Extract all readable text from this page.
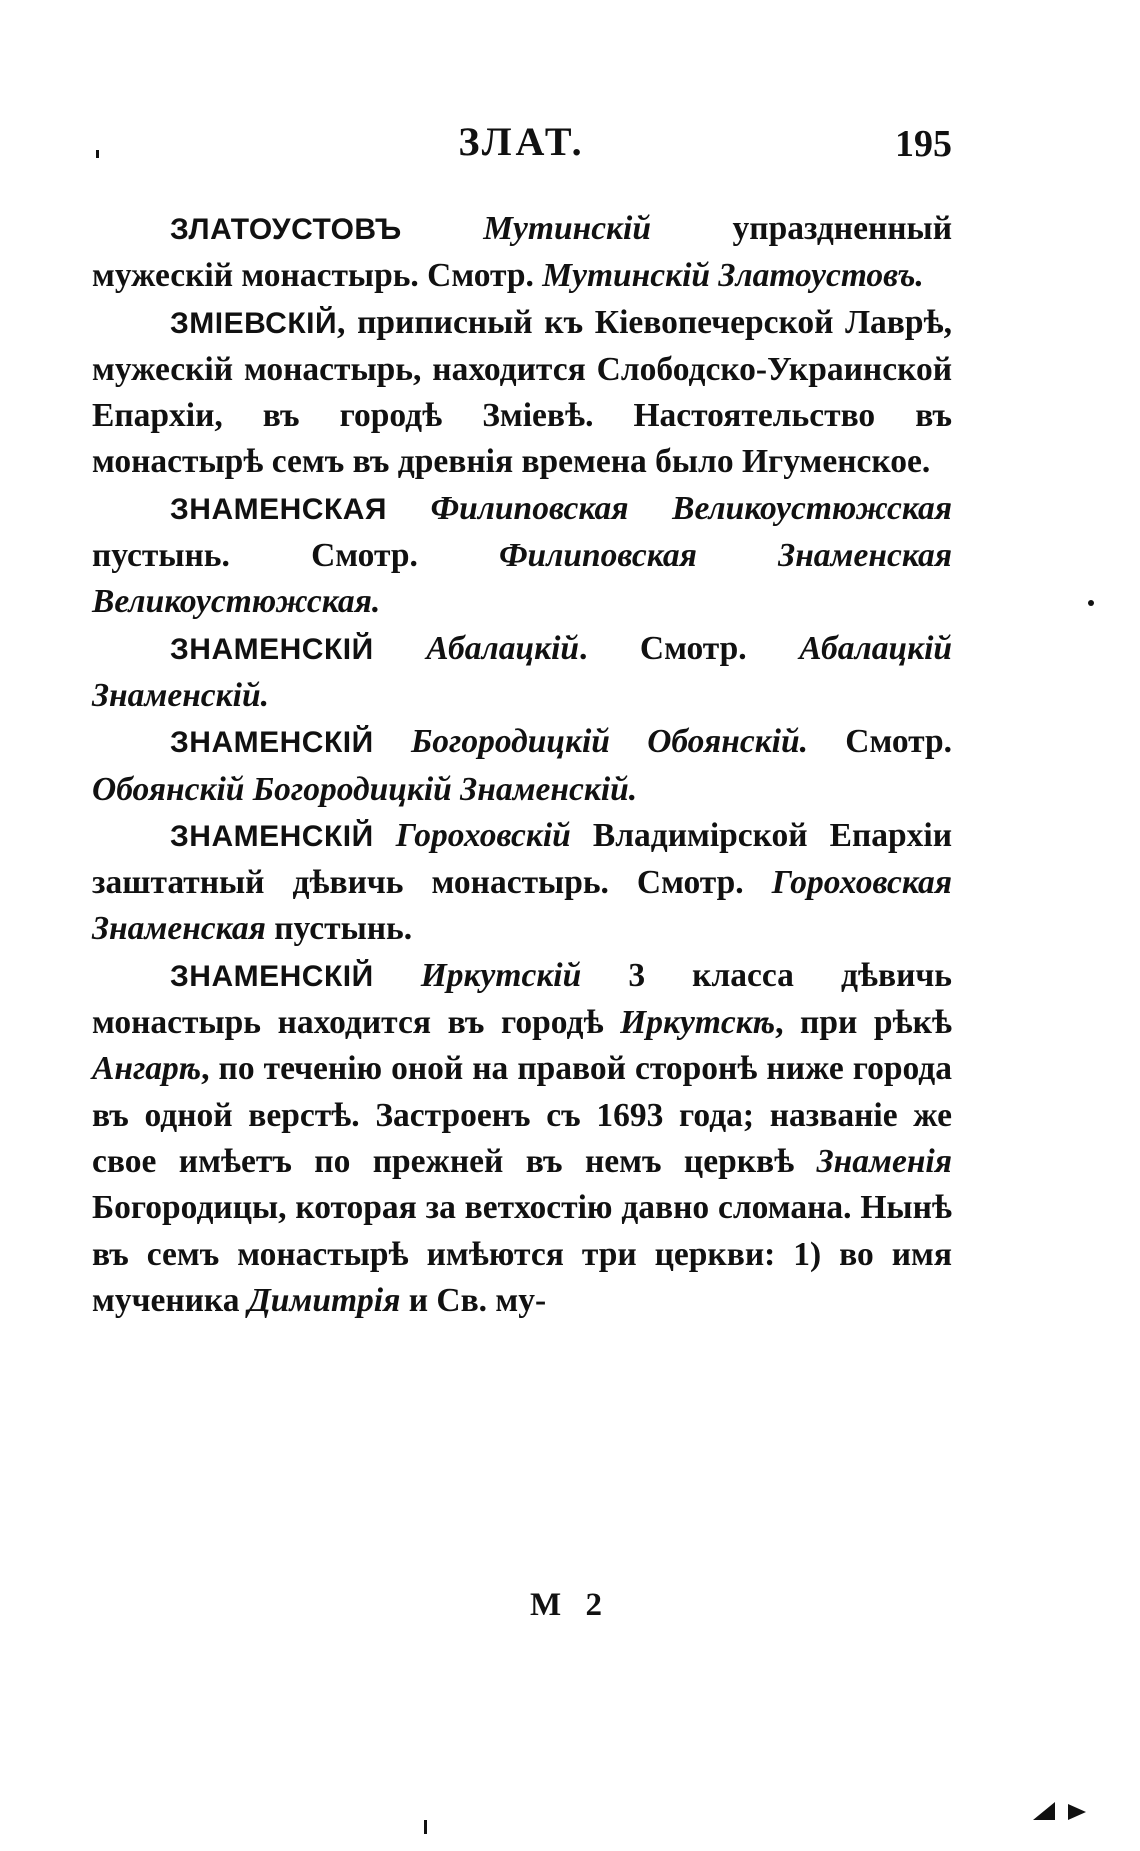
ЗЛАТ.	195

ЗЛАТОУСТОВЪ Мутинскій упраздненный мужескій монастырь. Смотр. Мутинскій Златоустовъ.

ЗМІЕВСКІЙ, приписный къ Кіевопечерской Лаврѣ, мужескій монастырь, находится Слободско-Украинской Епархіи, въ городѣ Зміевѣ. Настоятельство въ монастырѣ семъ въ древнія времена было Игуменское.

ЗНАМЕНСКАЯ Филиповская Великоустюжская пустынь. Смотр. Филиповская Знаменская Великоустюжская.

ЗНАМЕНСКІЙ Абалацкій. Смотр. Абалацкій Знаменскій.

ЗНАМЕНСКІЙ Богородицкій Обоянскій. Смотр. Обоянскій Богородицкій Знаменскій.

ЗНАМЕНСКІЙ Гороховскій Владимірской Епархіи заштатный дѣвичь монастырь. Смотр. Гороховская Знаменская пустынь.

ЗНАМЕНСКІЙ Иркутскій 3 класса дѣвичь монастырь находится въ городѣ Иркутскѣ, при рѣкѣ Ангарѣ, по теченію оной на правой сторонѣ ниже города въ одной верстѣ. Застроенъ съ 1693 года; названіе же свое имѣетъ по прежней въ немъ церквѣ Знаменія Богородицы, которая за ветхостію давно сломана. Нынѣ въ семъ монастырѣ имѣются три церкви: 1) во имя мученика Димитрія и Св. му-

М 2
